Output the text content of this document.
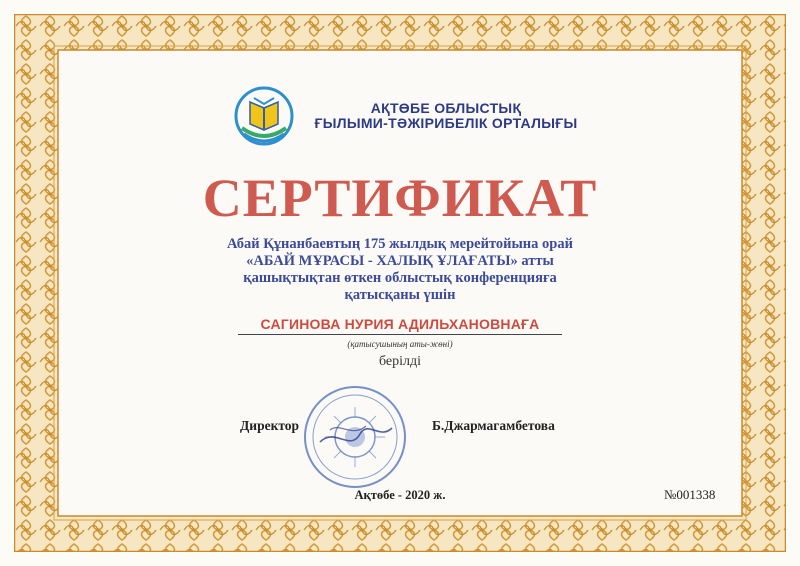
АҚТӨБЕ ОБЛЫСТЫҚ
ҒЫЛЫМИ-ТӘЖІРИБЕЛІК ОРТАЛЫҒЫ
СЕРТИФИКАТ
Абай Құнанбаевтың 175 жылдық мерейтойына орай
«АБАЙ МҰРАСЫ - ХАЛЫҚ ҰЛАҒАТЫ» атты
қашықтықтан өткен облыстық конференцияға
қатысқаны үшін
САГИНОВА НУРИЯ АДИЛЬХАНОВНАҒА
(қатысушының аты-жөні)
берілді
Директор	Б.Джармагамбетова
Ақтөбе - 2020 ж.	№001338
